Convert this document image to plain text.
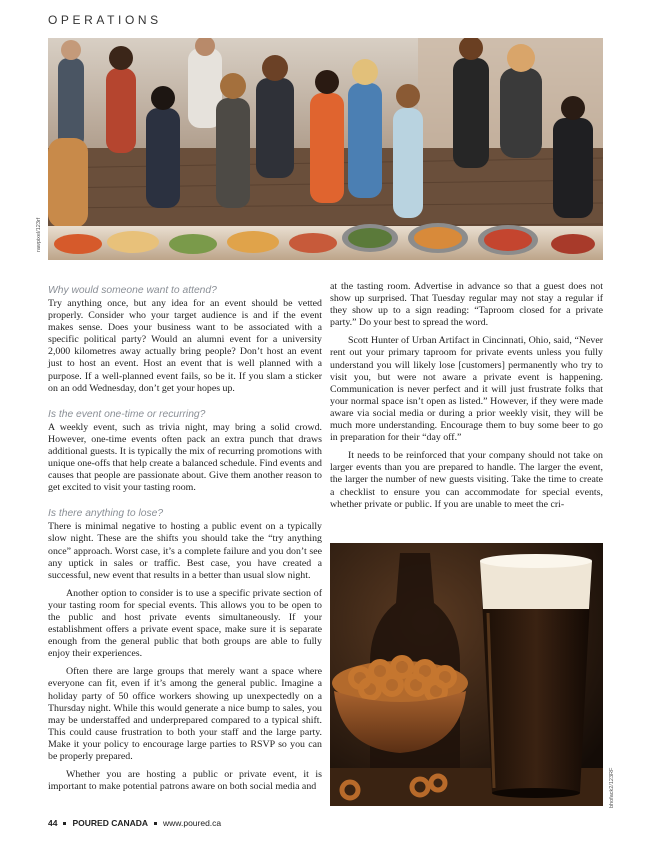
OPERATIONS
rawpixel/123rf
Why would someone want to attend?

Try anything once, but any idea for an event should be vetted properly. Consider who your target audience is and if the event makes sense. Does your business want to be associated with a specific political party? Would an alumni event for a university 2,000 kilometres away actually bring people? Don’t host an event just to host an event. Host an event that is well planned with a purpose. If a well-planned event fails, so be it. If you slam a sticker on an odd Wednesday, don’t get your hopes up.

Is the event one-time or recurring?

A weekly event, such as trivia night, may bring a solid crowd. However, one-time events often pack an extra punch that draws additional guests. It is typically the mix of recurring promotions with unique one-offs that help create a balanced schedule. Find events and causes that people are passionate about. Give them another reason to get excited to visit your tasting room.

Is there anything to lose?

There is minimal negative to hosting a public event on a typically slow night. These are the shifts you should take the “try anything once” approach. Worst case, it’s a complete failure and you don’t see any uptick in sales or traffic. Best case, you have created a successful, new event that results in a better than usual slow night.

Another option to consider is to use a specific private section of your tasting room for special events. This allows you to be open to the public and host private events simultaneously. If your establishment offers a private event space, make sure it is separate enough from the general public that both groups are able to fully enjoy their experiences.

Often there are large groups that merely want a space where everyone can fit, even if it’s among the general public. Imagine a holiday party of 50 office workers showing up unexpectedly on a Thursday night. While this would generate a nice bump to sales, you may be understaffed and underprepared compared to a typical shift. This could cause frustration to both your staff and the large party. Make it your policy to encourage large parties to RSVP so you can be properly prepared.

Whether you are hosting a public or private event, it is important to make potential patrons aware on both social media and

at the tasting room. Advertise in advance so that a guest does not show up surprised. That Tuesday regular may not stay a regular if they show up to a sign reading: “Taproom closed for a private party.” Do your best to spread the word.

Scott Hunter of Urban Artifact in Cincinnati, Ohio, said, “Never rent out your primary taproom for private events unless you fully understand you will likely lose [customers] permanently who try to visit you, but were not aware a private event is happening. Communication is never perfect and it will just frustrate folks that your normal space isn’t open as listed.” However, if they were made aware via social media or during a prior weekly visit, they will be much more understanding. Encourage them to buy some beer to go in preparation for their “day off.”

It needs to be reinforced that your company should not take on larger events than you are prepared to handle. The larger the event, the larger the number of new guests visiting. Take the time to create a checklist to ensure you can accommodate for special events, whether private or public. If you are unable to meet the cri-

bhofack2/123RF
44 POURED CANADA www.poured.ca
